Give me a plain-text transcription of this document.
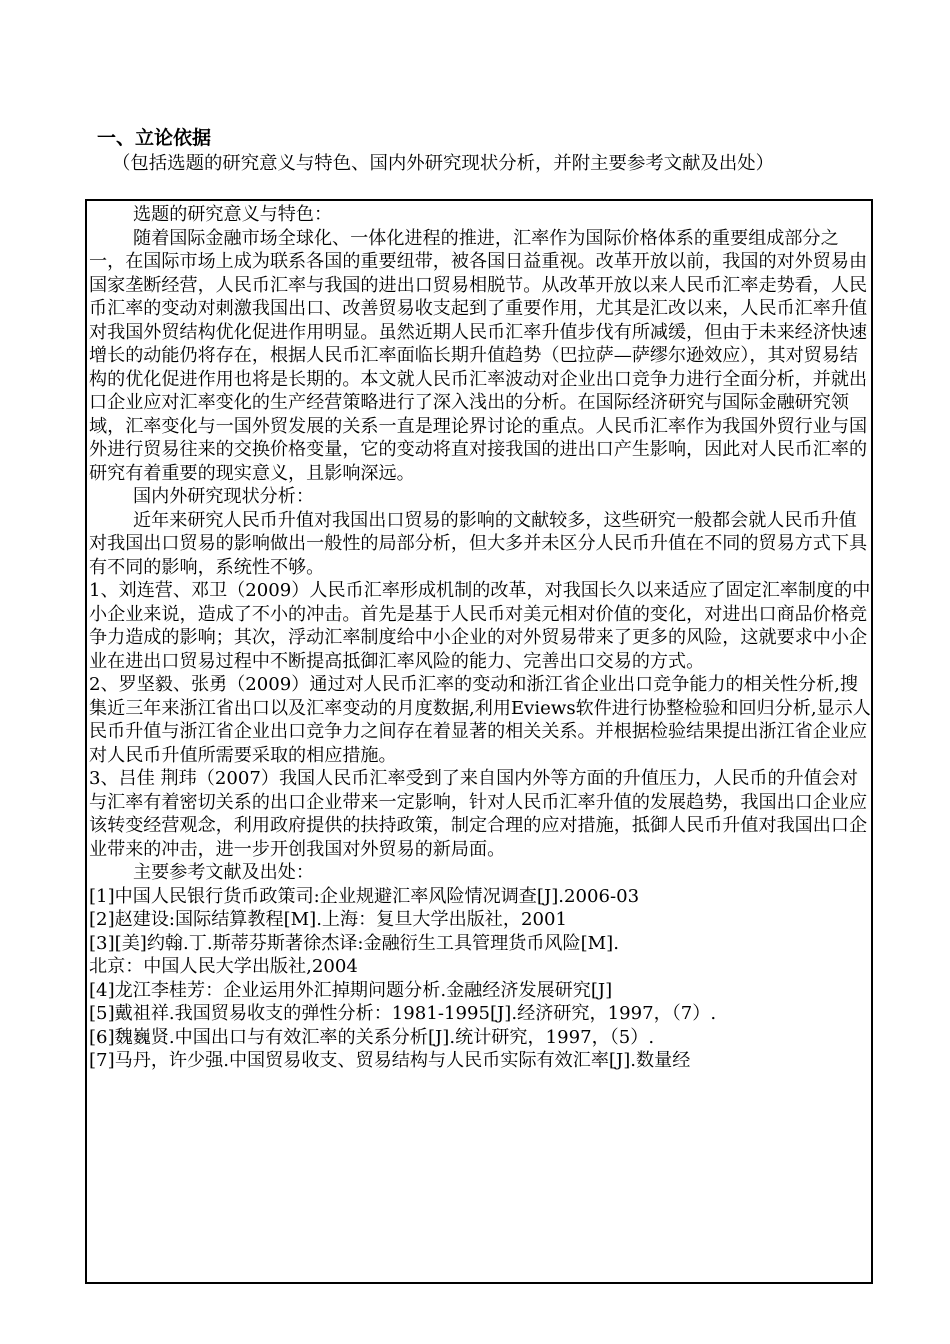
一、立论依据

（包括选题的研究意义与特色、国内外研究现状分析，并附主要参考文献及出处）

选题的研究意义与特色：

随着国际金融市场全球化、一体化进程的推进，汇率作为国际价格体系的重要组成部分之一，在国际市场上成为联系各国的重要纽带，被各国日益重视。改革开放以前，我国的对外贸易由国家垄断经营，人民币汇率与我国的进出口贸易相脱节。从改革开放以来人民币汇率走势看，人民币汇率的变动对刺激我国出口、改善贸易收支起到了重要作用，尤其是汇改以来，人民币汇率升值对我国外贸结构优化促进作用明显。虽然近期人民币汇率升值步伐有所减缓，但由于未来经济快速增长的动能仍将存在，根据人民币汇率面临长期升值趋势（巴拉萨—萨缪尔逊效应），其对贸易结构的优化促进作用也将是长期的。本文就人民币汇率波动对企业出口竞争力进行全面分析，并就出口企业应对汇率变化的生产经营策略进行了深入浅出的分析。在国际经济研究与国际金融研究领域，汇率变化与一国外贸发展的关系一直是理论界讨论的重点。人民币汇率作为我国外贸行业与国外进行贸易往来的交换价格变量，它的变动将直对接我国的进出口产生影响，因此对人民币汇率的研究有着重要的现实意义，且影响深远。

国内外研究现状分析：

近年来研究人民币升值对我国出口贸易的影响的文献较多，这些研究一般都会就人民币升值对我国出口贸易的影响做出一般性的局部分析，但大多并未区分人民币升值在不同的贸易方式下具有不同的影响，系统性不够。

1、刘连营、邓卫（2009）人民币汇率形成机制的改革，对我国长久以来适应了固定汇率制度的中小企业来说，造成了不小的冲击。首先是基于人民币对美元相对价值的变化，对进出口商品价格竞争力造成的影响；其次，浮动汇率制度给中小企业的对外贸易带来了更多的风险，这就要求中小企业在进出口贸易过程中不断提高抵御汇率风险的能力、完善出口交易的方式。

2、罗坚毅、张勇（2009）通过对人民币汇率的变动和浙江省企业出口竞争能力的相关性分析,搜集近三年来浙江省出口以及汇率变动的月度数据,利用Eviews软件进行协整检验和回归分析,显示人民币升值与浙江省企业出口竞争力之间存在着显著的相关关系。并根据检验结果提出浙江省企业应对人民币升值所需要采取的相应措施。

3、吕佳 荆玮（2007）我国人民币汇率受到了来自国内外等方面的升值压力，人民币的升值会对与汇率有着密切关系的出口企业带来一定影响，针对人民币汇率升值的发展趋势，我国出口企业应该转变经营观念，利用政府提供的扶持政策，制定合理的应对措施，抵御人民币升值对我国出口企业带来的冲击，进一步开创我国对外贸易的新局面。

主要参考文献及出处：

[1]中国人民银行货币政策司:企业规避汇率风险情况调查[J].2006-03

[2]赵建设:国际结算教程[M].上海：复旦大学出版社，2001

[3][美]约翰.丁.斯蒂芬斯著徐杰译:金融衍生工具管理货币风险[M].

北京：中国人民大学出版社,2004

[4]龙江李桂芳：企业运用外汇掉期问题分析.金融经济发展研究[J]

[5]戴祖祥.我国贸易收支的弹性分析：1981-1995[J].经济研究，1997，（7）.

[6]魏巍贤.中国出口与有效汇率的关系分析[J].统计研究，1997，（5）.

[7]马丹，许少强.中国贸易收支、贸易结构与人民币实际有效汇率[J].数量经
